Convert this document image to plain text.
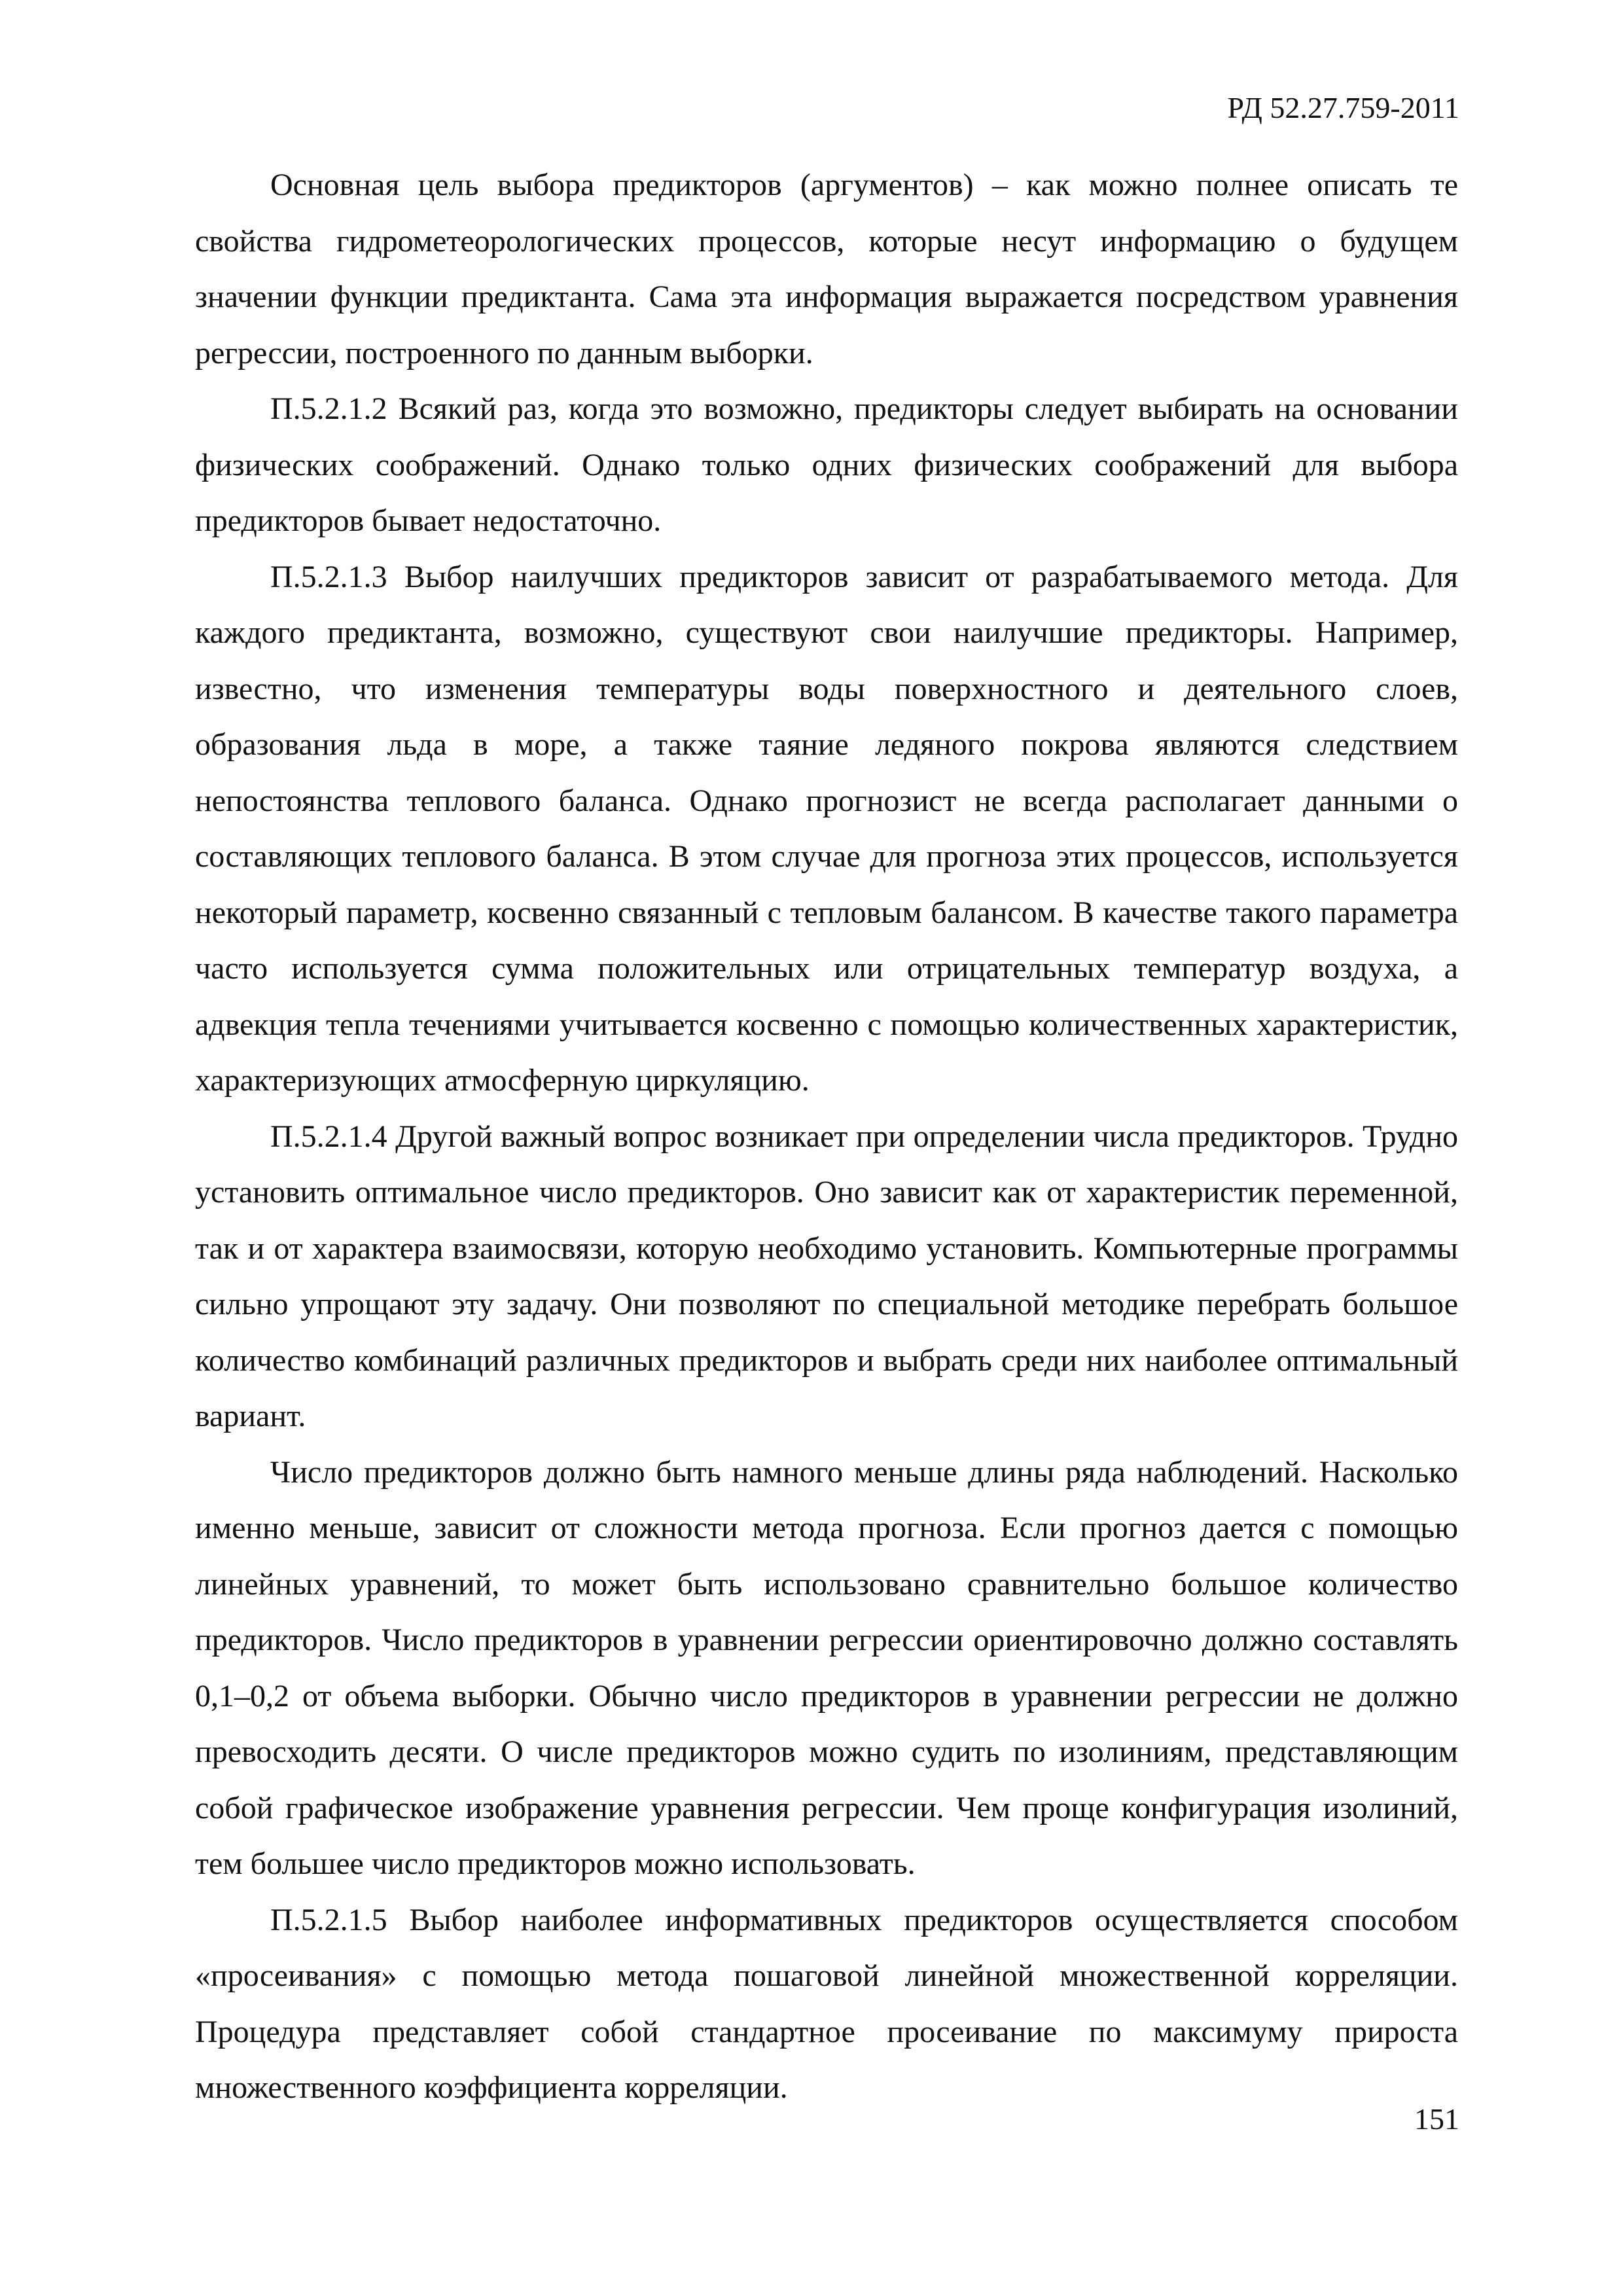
РД 52.27.759-2011

Основная цель выбора предикторов (аргументов) – как можно полнее описать те свойства гидрометеорологических процессов, которые несут информацию о будущем значении функции предиктанта. Сама эта информация выражается посредством уравнения регрессии, построенного по данным выборки.

П.5.2.1.2 Всякий раз, когда это возможно, предикторы следует выбирать на основании физических соображений. Однако только одних физических соображений для выбора предикторов бывает недостаточно.

П.5.2.1.3 Выбор наилучших предикторов зависит от разрабатываемого метода. Для каждого предиктанта, возможно, существуют свои наилучшие предикторы. Например, известно, что изменения температуры воды поверхностного и деятельного слоев, образования льда в море, а также таяние ледяного покрова являются следствием непостоянства теплового баланса. Однако прогнозист не всегда располагает данными о составляющих теплового баланса. В этом случае для прогноза этих процессов, используется некоторый параметр, косвенно связанный с тепловым балансом. В качестве такого параметра часто используется сумма положительных или отрицательных температур воздуха, а адвекция тепла течениями учитывается косвенно с помощью количественных характеристик, характеризующих атмосферную циркуляцию.

П.5.2.1.4 Другой важный вопрос возникает при определении числа предикторов. Трудно установить оптимальное число предикторов. Оно зависит как от характеристик переменной, так и от характера взаимосвязи, которую необходимо установить. Компьютерные программы сильно упрощают эту задачу. Они позволяют по специальной методике перебрать большое количество комбинаций различных предикторов и выбрать среди них наиболее оптимальный вариант.

Число предикторов должно быть намного меньше длины ряда наблюдений. Насколько именно меньше, зависит от сложности метода прогноза. Если прогноз дается с помощью линейных уравнений, то может быть использовано сравнительно большое количество предикторов. Число предикторов в уравнении регрессии ориентировочно должно составлять 0,1–0,2 от объема выборки. Обычно число предикторов в уравнении регрессии не должно превосходить десяти. О числе предикторов можно судить по изолиниям, представляющим собой графическое изображение уравнения регрессии. Чем проще конфигурация изолиний, тем большее число предикторов можно использовать.

П.5.2.1.5 Выбор наиболее информативных предикторов осуществляется способом «просеивания» с помощью метода пошаговой линейной множественной корреляции. Процедура представляет собой стандартное просеивание по максимуму прироста множественного коэффициента корреляции.

151
